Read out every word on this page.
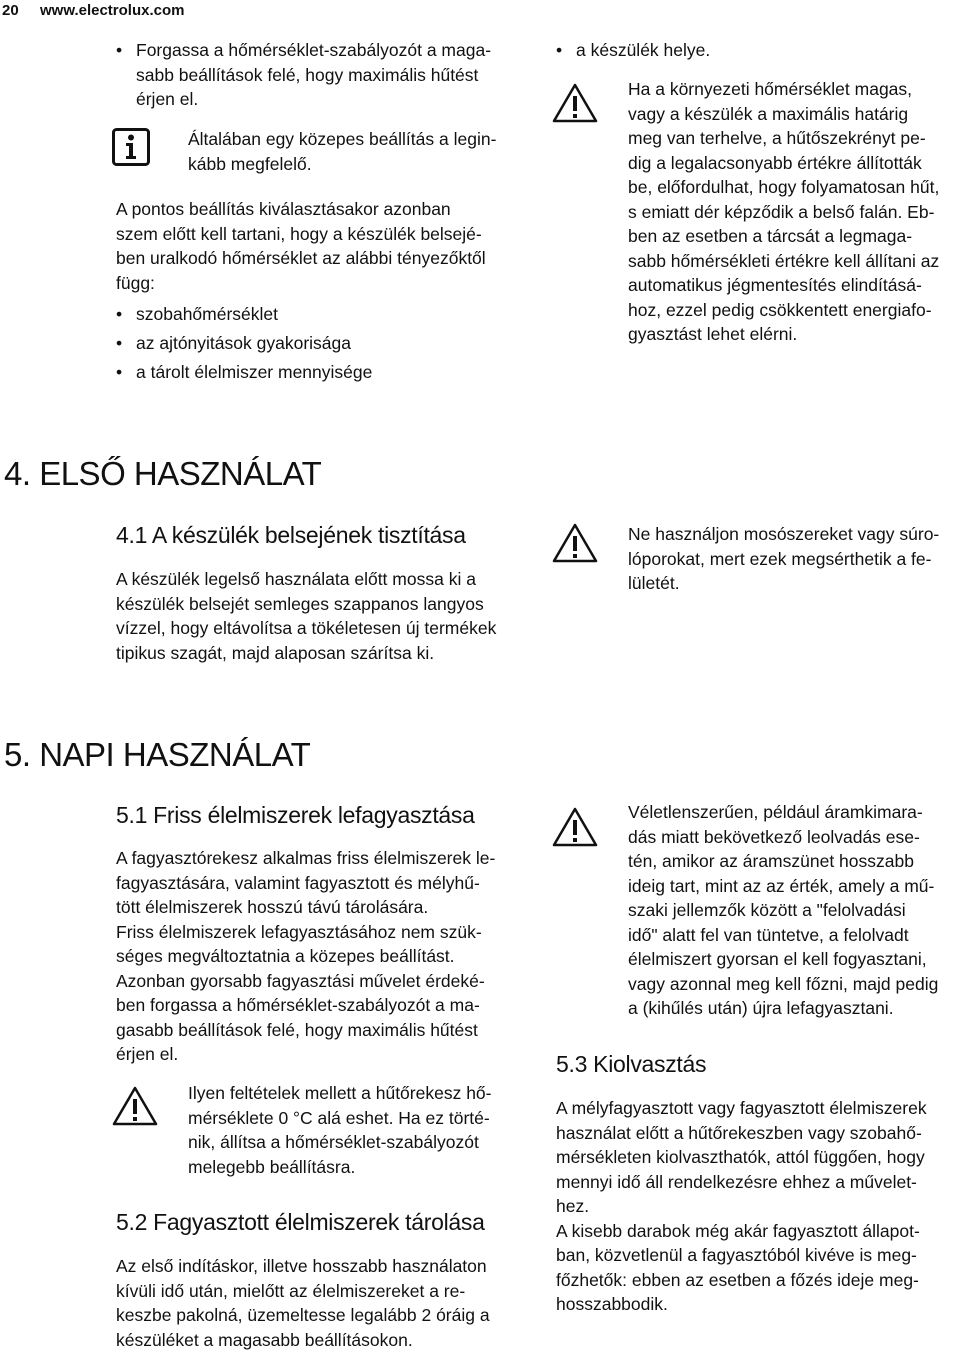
20 www.electrolux.com
• Forgassa a hőmérséklet-szabályozót a maga-
sabb beállítások felé, hogy maximális hűtést
érjen el.
Általában egy közepes beállítás a legin-
kább megfelelő.
A pontos beállítás kiválasztásakor azonban
szem előtt kell tartani, hogy a készülék belsejé-
ben uralkodó hőmérséklet az alábbi tényezőktől
függ:
• szobahőmérséklet
• az ajtónyitások gyakorisága
• a tárolt élelmiszer mennyisége
• a készülék helye.
Ha a környezeti hőmérséklet magas,
vagy a készülék a maximális határig
meg van terhelve, a hűtőszekrényt pe-
dig a legalacsonyabb értékre állították
be, előfordulhat, hogy folyamatosan hűt,
s emiatt dér képződik a belső falán. Eb-
ben az esetben a tárcsát a legmaga-
sabb hőmérsékleti értékre kell állítani az
automatikus jégmentesítés elindításá-
hoz, ezzel pedig csökkentett energiafo-
gyasztást lehet elérni.
4. ELSŐ HASZNÁLAT
4.1 A készülék belsejének tisztítása
A készülék legelső használata előtt mossa ki a
készülék belsejét semleges szappanos langyos
vízzel, hogy eltávolítsa a tökéletesen új termékek
tipikus szagát, majd alaposan szárítsa ki.
Ne használjon mosószereket vagy súro-
lóporokat, mert ezek megsérthetik a fe-
lületét.
5. NAPI HASZNÁLAT
5.1 Friss élelmiszerek lefagyasztása
A fagyasztórekesz alkalmas friss élelmiszerek le-
fagyasztására, valamint fagyasztott és mélyhű-
tött élelmiszerek hosszú távú tárolására.
Friss élelmiszerek lefagyasztásához nem szük-
séges megváltoztatnia a közepes beállítást.
Azonban gyorsabb fagyasztási művelet érdeké-
ben forgassa a hőmérséklet-szabályozót a ma-
gasabb beállítások felé, hogy maximális hűtést
érjen el.
Ilyen feltételek mellett a hűtőrekesz hő-
mérséklete 0 °C alá eshet. Ha ez törté-
nik, állítsa a hőmérséklet-szabályozót
melegebb beállításra.
5.2 Fagyasztott élelmiszerek tárolása
Az első indításkor, illetve hosszabb használaton
kívüli idő után, mielőtt az élelmiszereket a re-
keszbe pakolná, üzemeltesse legalább 2 óráig a
készüléket a magasabb beállításokon.
Véletlenszerűen, például áramkimara-
dás miatt bekövetkező leolvadás ese-
tén, amikor az áramszünet hosszabb
ideig tart, mint az az érték, amely a mű-
szaki jellemzők között a "felolvadási
idő" alatt fel van tüntetve, a felolvadt
élelmiszert gyorsan el kell fogyasztani,
vagy azonnal meg kell főzni, majd pedig
a (kihűlés után) újra lefagyasztani.
5.3 Kiolvasztás
A mélyfagyasztott vagy fagyasztott élelmiszerek
használat előtt a hűtőrekeszben vagy szobahő-
mérsékleten kiolvaszthatók, attól függően, hogy
mennyi idő áll rendelkezésre ehhez a művelet-
hez.
A kisebb darabok még akár fagyasztott állapot-
ban, közvetlenül a fagyasztóból kivéve is meg-
főzhetők: ebben az esetben a főzés ideje meg-
hosszabbodik.
